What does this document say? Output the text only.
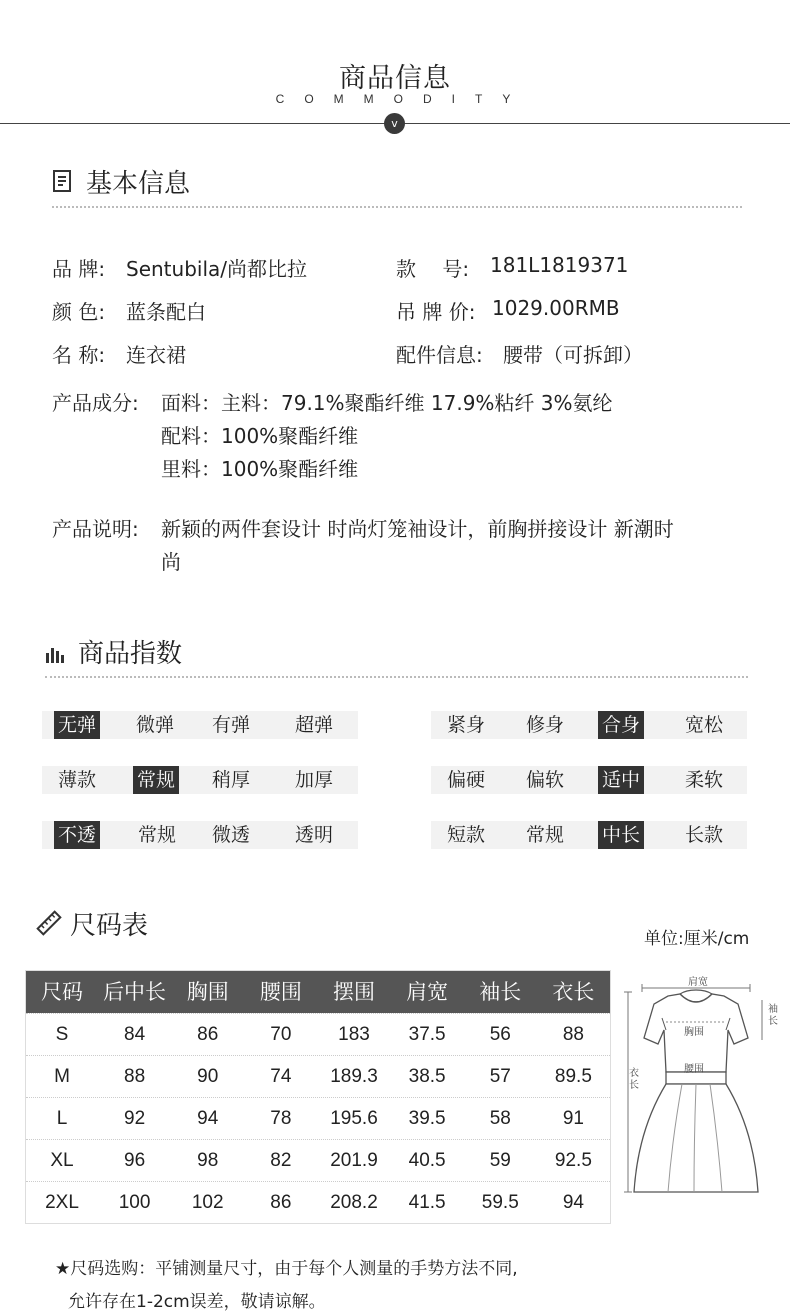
商品信息
COMMODITY
v
基本信息
品 牌: Sentubila/尚都比拉	款　 号: 181L1819371
颜 色: 蓝条配白	吊 牌 价: 1029.00RMB
名 称: 连衣裙	配件信息: 腰带（可拆卸）
产品成分: 面料：主料：79.1%聚酯纤维 17.9%粘纤 3%氨纶
配料：100%聚酯纤维
里料：100%聚酯纤维
产品说明: 新颖的两件套设计 时尚灯笼袖设计，前胸拼接设计 新潮时
尚
商品指数
无弹	微弹	有弹	超弹
薄款	常规	稍厚	加厚
不透	常规	微透	透明
紧身	修身	合身	宽松
偏硬	偏软	适中	柔软
短款	常规	中长	长款
尺码表	单位:厘米/cm
尺码 后中长 胸围	腰围	摆围	肩宽	袖长	衣长
S	84	86	70	183	37.5	56	88
M	88	90	74	189.3	38.5	57	89.5
L	92	94	78	195.6	39.5	58	91
XL	96	98	82	201.9	40.5	59	92.5
2XL	100	102	86	208.2	41.5	59.5	94
肩宽
袖长
胸围
腰围
衣长
★尺码选购：平铺测量尺寸，由于每个人测量的手势方法不同,
允许存在1-2cm误差，敬请谅解。
